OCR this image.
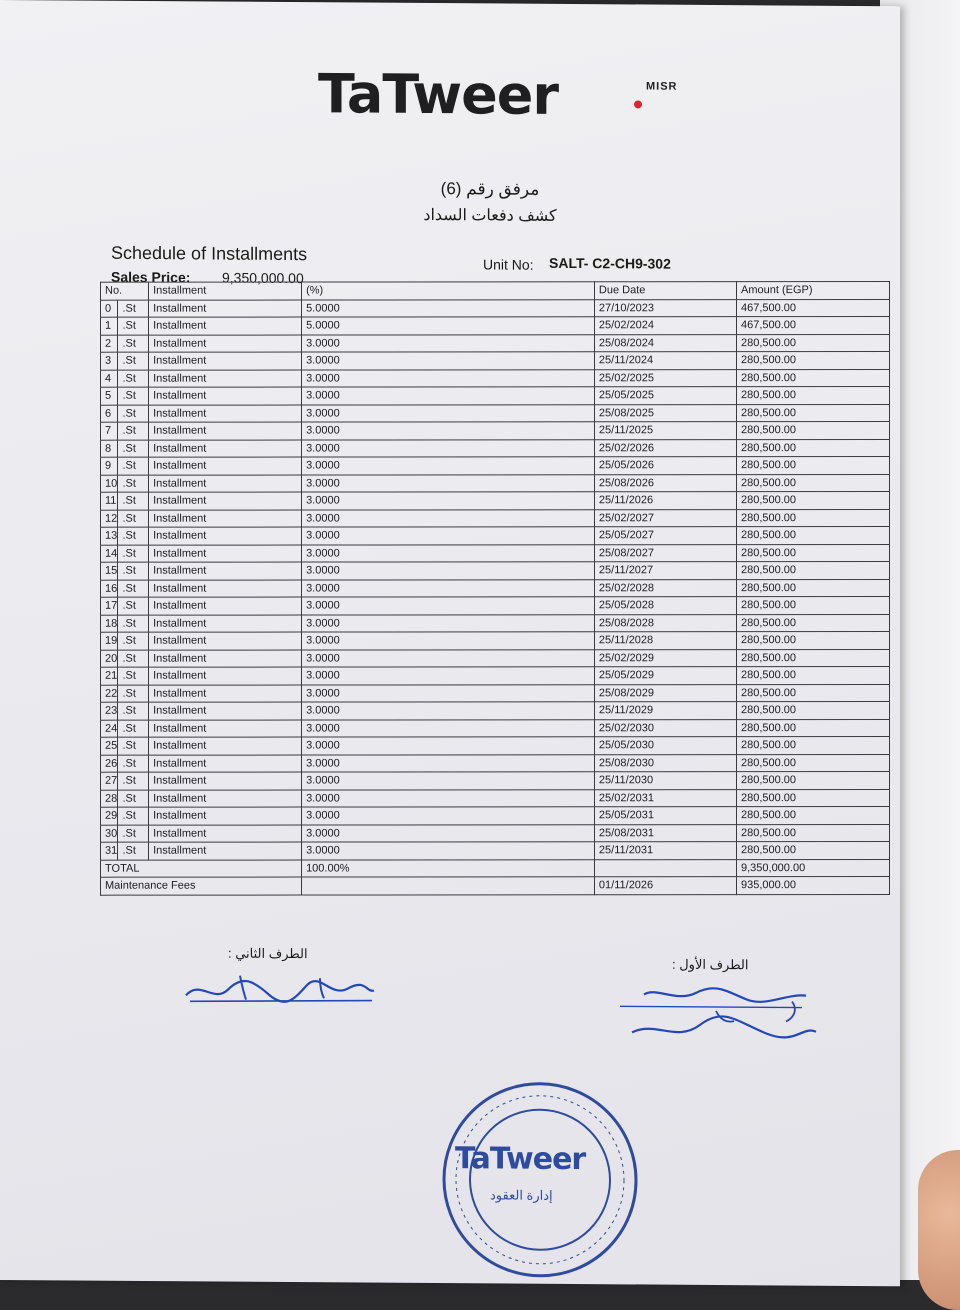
TaTweer	MISR
مرفق رقم (6)
كشف دفعات السداد
Schedule of Installments
Sales Price: 9,350,000.00
Unit No: SALT- C2-CH9-302
No.		Installment	(%)	Due Date	Amount (EGP)
0	.St	Installment	5.0000	27/10/2023	467,500.00
1	.St	Installment	5.0000	25/02/2024	467,500.00
2	.St	Installment	3.0000	25/08/2024	280,500.00
3	.St	Installment	3.0000	25/11/2024	280,500.00
4	.St	Installment	3.0000	25/02/2025	280,500.00
5	.St	Installment	3.0000	25/05/2025	280,500.00
6	.St	Installment	3.0000	25/08/2025	280,500.00
7	.St	Installment	3.0000	25/11/2025	280,500.00
8	.St	Installment	3.0000	25/02/2026	280,500.00
9	.St	Installment	3.0000	25/05/2026	280,500.00
10	.St	Installment	3.0000	25/08/2026	280,500.00
11	.St	Installment	3.0000	25/11/2026	280,500.00
12	.St	Installment	3.0000	25/02/2027	280,500.00
13	.St	Installment	3.0000	25/05/2027	280,500.00
14	.St	Installment	3.0000	25/08/2027	280,500.00
15	.St	Installment	3.0000	25/11/2027	280,500.00
16	.St	Installment	3.0000	25/02/2028	280,500.00
17	.St	Installment	3.0000	25/05/2028	280,500.00
18	.St	Installment	3.0000	25/08/2028	280,500.00
19	.St	Installment	3.0000	25/11/2028	280,500.00
20	.St	Installment	3.0000	25/02/2029	280,500.00
21	.St	Installment	3.0000	25/05/2029	280,500.00
22	.St	Installment	3.0000	25/08/2029	280,500.00
23	.St	Installment	3.0000	25/11/2029	280,500.00
24	.St	Installment	3.0000	25/02/2030	280,500.00
25	.St	Installment	3.0000	25/05/2030	280,500.00
26	.St	Installment	3.0000	25/08/2030	280,500.00
27	.St	Installment	3.0000	25/11/2030	280,500.00
28	.St	Installment	3.0000	25/02/2031	280,500.00
29	.St	Installment	3.0000	25/05/2031	280,500.00
30	.St	Installment	3.0000	25/08/2031	280,500.00
31	.St	Installment	3.0000	25/11/2031	280,500.00
TOTAL			100.00%		9,350,000.00
Maintenance Fees				01/11/2026	935,000.00
الطرف الثاني :
الطرف الأول :
TaTweer
إدارة العقود
